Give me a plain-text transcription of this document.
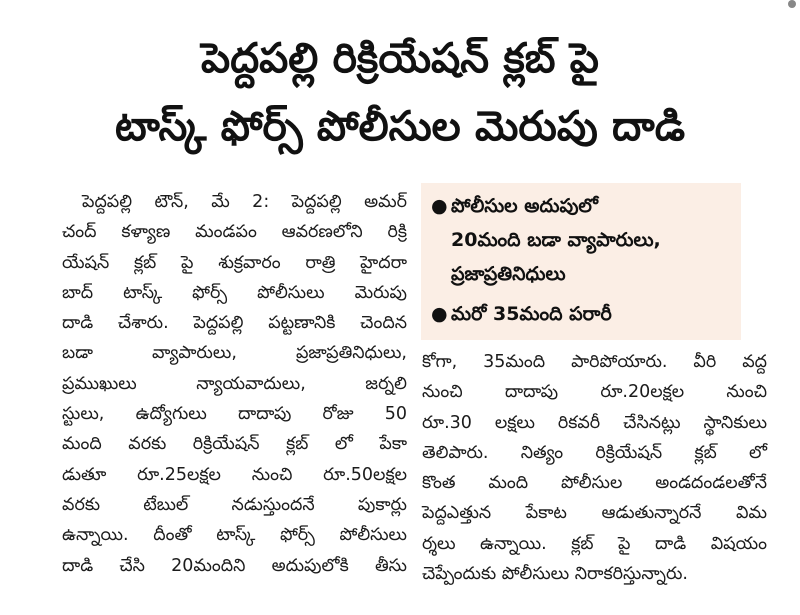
పెద్దపల్లి రిక్రియేషన్ క్లబ్ పై
టాస్క్ ఫోర్స్ పోలీసుల మెరుపు దాడి
● పోలీసుల అదుపులో
20మంది బడా వ్యాపారులు,
ప్రజాప్రతినిధులు
● మరో 35మంది పరారీ
పెద్దపల్లి టౌన్, మే 2: పెద్దపల్లి అమర్
చంద్ కళ్యాణ మండపం ఆవరణలోని రిక్రి
యేషన్ క్లబ్ పై శుక్రవారం రాత్రి హైదరా
బాద్ టాస్క్ ఫోర్స్ పోలీసులు మెరుపు
దాడి చేశారు. పెద్దపల్లి పట్టణానికి చెందిన
బడా వ్యాపారులు, ప్రజాప్రతినిధులు,
ప్రముఖులు న్యాయవాదులు, జర్నలి
స్టులు, ఉద్యోగులు దాదాపు రోజు 50
మంది వరకు రిక్రియేషన్ క్లబ్ లో పేకా
డుతూ రూ.25లక్షల నుంచి రూ.50లక్షల
వరకు టేబుల్ నడుస్తుందనే పుకార్లు
ఉన్నాయి. దీంతో టాస్క్ ఫోర్స్ పోలీసులు
దాడి చేసి 20మందిని అదుపులోకి తీసు
కోగా, 35మంది పారిపోయారు. వీరి వద్ద
నుంచి దాదాపు రూ.20లక్షల నుంచి
రూ.30 లక్షలు రికవరీ చేసినట్లు స్థానికులు
తెలిపారు. నిత్యం రిక్రియేషన్ క్లబ్ లో
కొంత మంది పోలీసుల అండదండలతోనే
పెద్దఎత్తున పేకాట ఆడుతున్నారనే విమ
ర్శలు ఉన్నాయి. క్లబ్ పై దాడి విషయం
చెప్పేందుకు పోలీసులు నిరాకరిస్తున్నారు.
